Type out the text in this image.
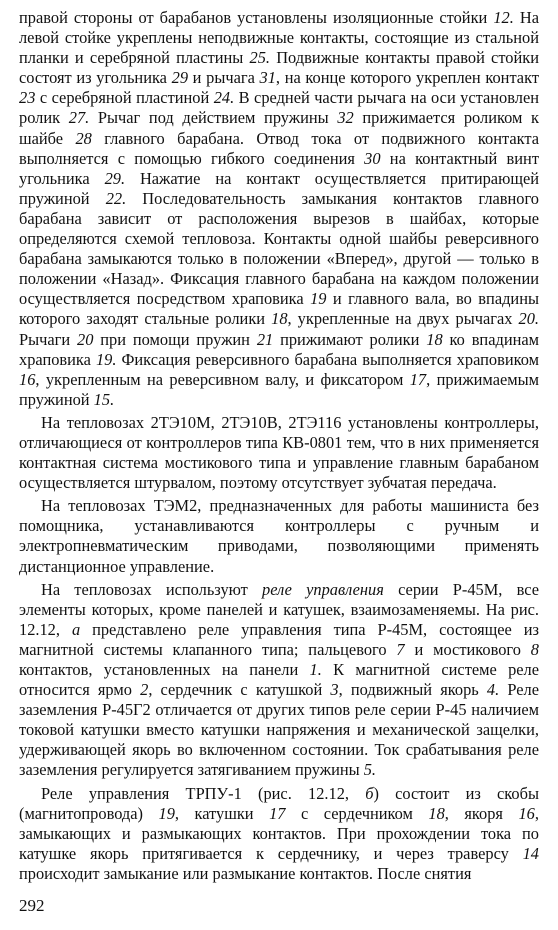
правой стороны от барабанов установлены изоляционные стойки 12. На левой стойке укреплены неподвижные контакты, состоящие из стальной планки и серебряной пластины 25. Подвижные контакты правой стойки состоят из угольника 29 и рычага 31, на конце которого укреплен контакт 23 с серебряной пластиной 24. В средней части рычага на оси установлен ролик 27. Рычаг под действием пружины 32 прижимается роликом к шайбе 28 главного барабана. Отвод тока от подвижного контакта выполняется с помощью гибкого соединения 30 на контактный винт угольника 29. Нажатие на контакт осуществляется притирающей пружиной 22. Последовательность замыкания контактов главного барабана зависит от расположения вырезов в шайбах, которые определяются схемой тепловоза. Контакты одной шайбы реверсивного барабана замыкаются только в положении «Вперед», другой — только в положении «Назад». Фиксация главного барабана на каждом положении осуществляется посредством храповика 19 и главного вала, во впадины которого заходят стальные ролики 18, укрепленные на двух рычагах 20. Рычаги 20 при помощи пружин 21 прижимают ролики 18 ко впадинам храповика 19. Фиксация реверсивного барабана выполняется храповиком 16, укрепленным на реверсивном валу, и фиксатором 17, прижимаемым пружиной 15.

На тепловозах 2ТЭ10М, 2ТЭ10В, 2ТЭ116 установлены контроллеры, отличающиеся от контроллеров типа КВ-0801 тем, что в них применяется контактная система мостикового типа и управление главным барабаном осуществляется штурвалом, поэтому отсутствует зубчатая передача.

На тепловозах ТЭМ2, предназначенных для работы машиниста без помощника, устанавливаются контроллеры с ручным и электропневматическим приводами, позволяющими применять дистанционное управление.

На тепловозах используют реле управления серии Р-45М, все элементы которых, кроме панелей и катушек, взаимозаменяемы. На рис. 12.12, а представлено реле управления типа Р-45М, состоящее из магнитной системы клапанного типа; пальцевого 7 и мостикового 8 контактов, установленных на панели 1. К магнитной системе реле относится ярмо 2, сердечник с катушкой 3, подвижный якорь 4. Реле заземления Р-45Г2 отличается от других типов реле серии Р-45 наличием токовой катушки вместо катушки напряжения и механической защелки, удерживающей якорь во включенном состоянии. Ток срабатывания реле заземления регулируется затягиванием пружины 5.

Реле управления ТРПУ-1 (рис. 12.12, б) состоит из скобы (магнитопровода) 19, катушки 17 с сердечником 18, якоря 16, замыкающих и размыкающих контактов. При прохождении тока по катушке якорь притягивается к сердечнику, и через траверсу 14 происходит замыкание или размыкание контактов. После снятия

292
